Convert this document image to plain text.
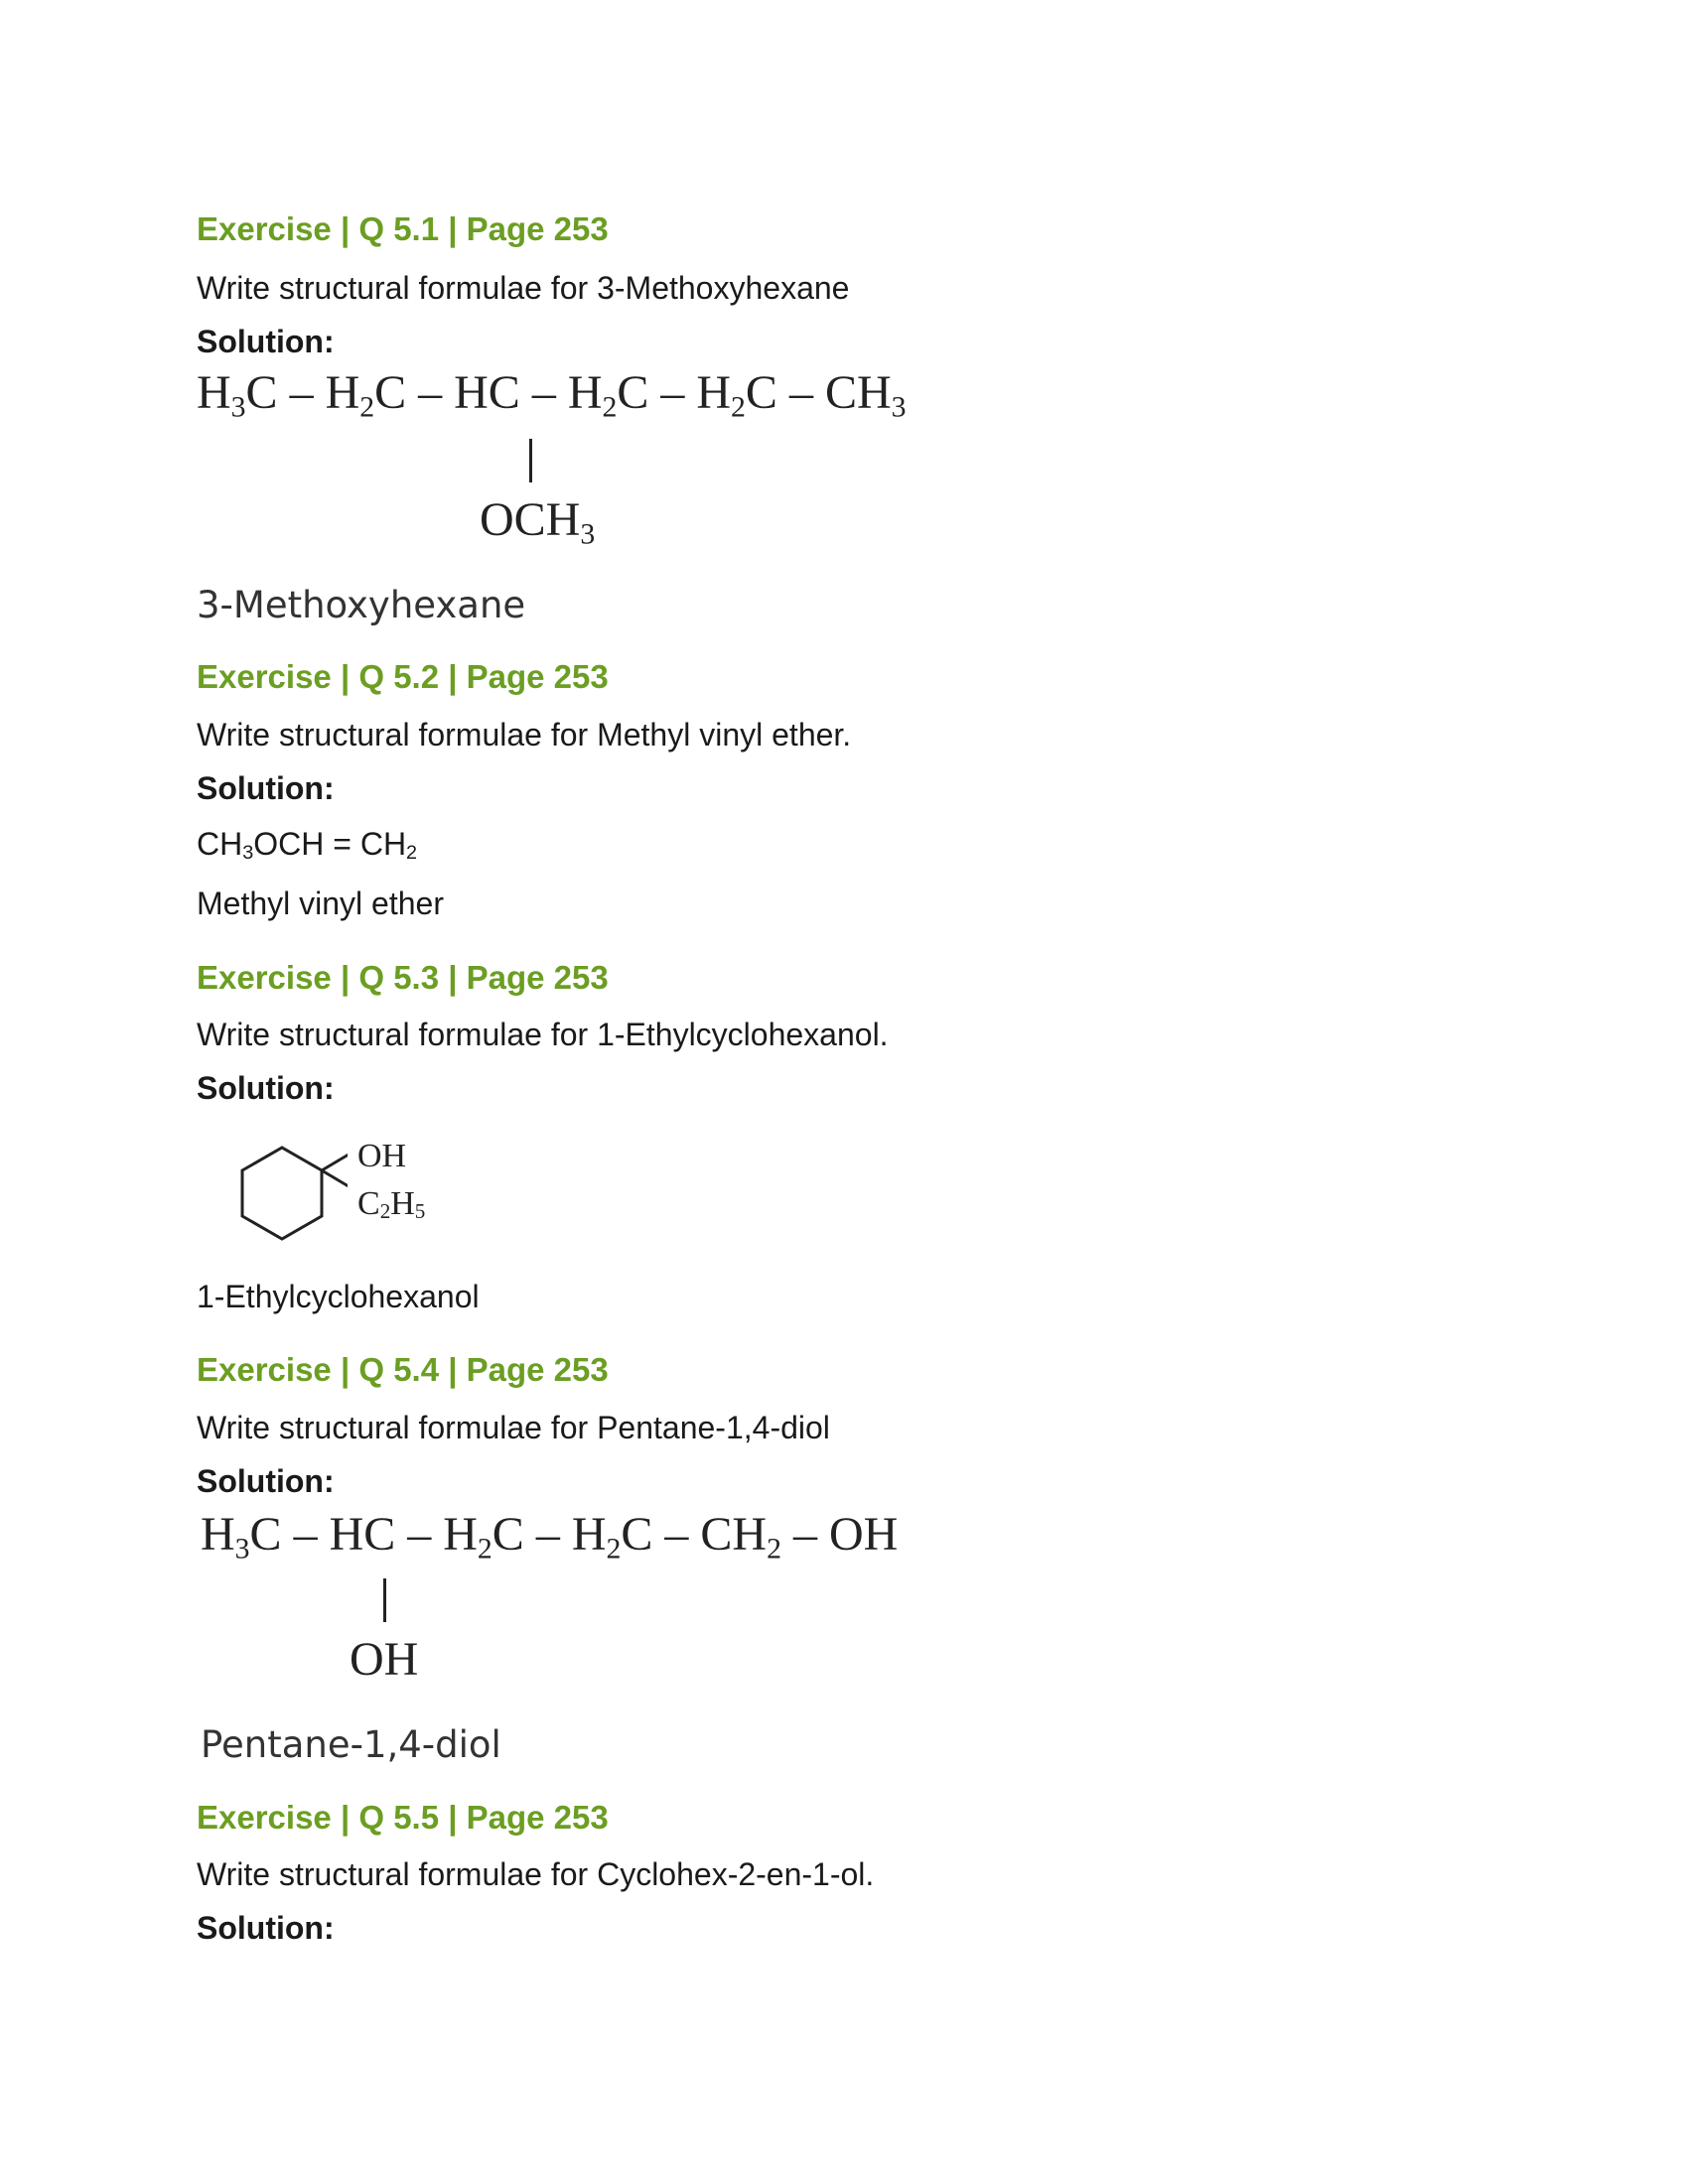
Exercise | Q 5.1 | Page 253
Write structural formulae for 3-Methoxyhexane
Solution:
$H_3C - H_2C$ – HC – $H_2C - H_2C - CH_3$
$OCH_3$
3-Methoxyhexane
Exercise | Q 5.2 | Page 253
Write structural formulae for Methyl vinyl ether.
Solution:
$CH_3OCH = CH_2$
Methyl vinyl ether
Exercise | Q 5.3 | Page 253
Write structural formulae for 1-Ethylcyclohexanol.
Solution:
OH
$C_2H_5$
1-Ethylcyclohexanol
Exercise | Q 5.4 | Page 253
Write structural formulae for Pentane-1,4-diol
Solution:
$H_3C$ – HC – $H_2C - H_2C - CH_2$ – OH
OH
Pentane-1,4-diol
Exercise | Q 5.5 | Page 253
Write structural formulae for Cyclohex-2-en-1-ol.
Solution:
